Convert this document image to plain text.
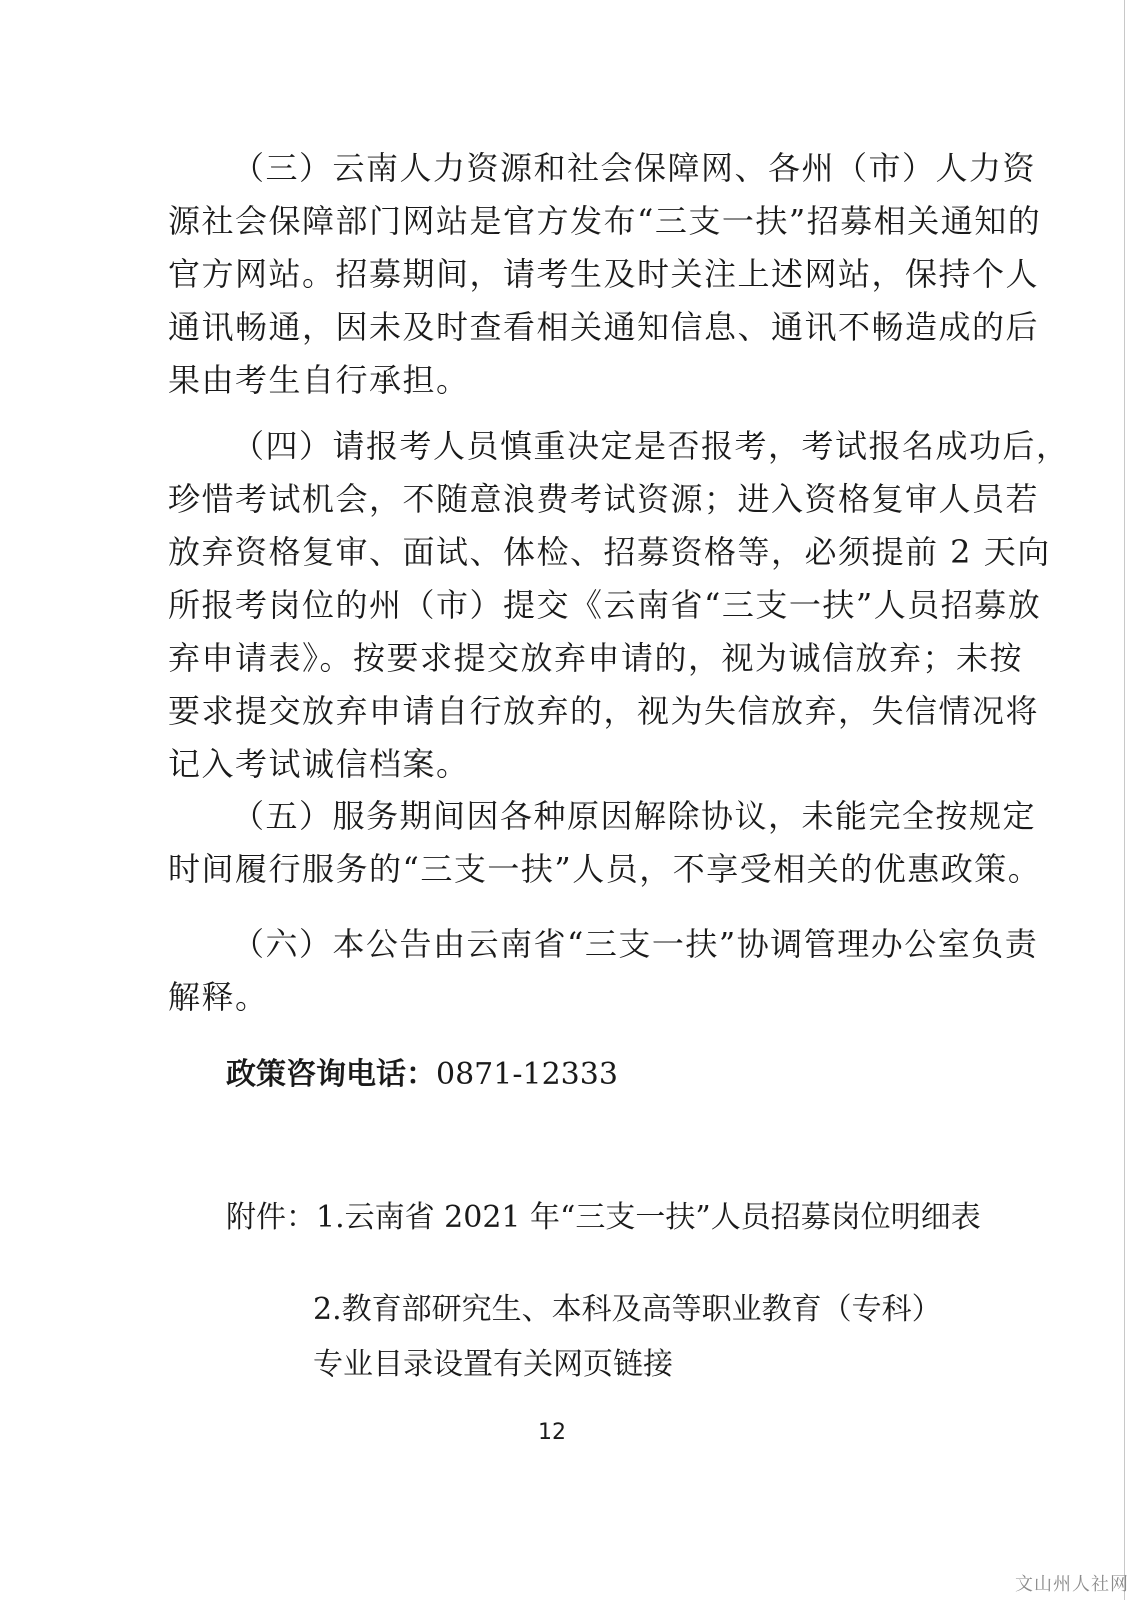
（三）云南人力资源和社会保障网、各州（市）人力资
源社会保障部门网站是官方发布“三支一扶”招募相关通知的
官方网站。招募期间，请考生及时关注上述网站，保持个人
通讯畅通，因未及时查看相关通知信息、通讯不畅造成的后
果由考生自行承担。
（四）请报考人员慎重决定是否报考，考试报名成功后，
珍惜考试机会，不随意浪费考试资源；进入资格复审人员若
放弃资格复审、面试、体检、招募资格等，必须提前 2 天向
所报考岗位的州（市）提交《云南省“三支一扶”人员招募放
弃申请表》。按要求提交放弃申请的，视为诚信放弃；未按
要求提交放弃申请自行放弃的，视为失信放弃，失信情况将
记入考试诚信档案。
（五）服务期间因各种原因解除协议，未能完全按规定
时间履行服务的“三支一扶”人员，不享受相关的优惠政策。
（六）本公告由云南省“三支一扶”协调管理办公室负责
解释。
政策咨询电话：0871-12333
附件：1.云南省 2021 年“三支一扶”人员招募岗位明细表
2.教育部研究生、本科及高等职业教育（专科）
专业目录设置有关网页链接
12
文山州人社网
